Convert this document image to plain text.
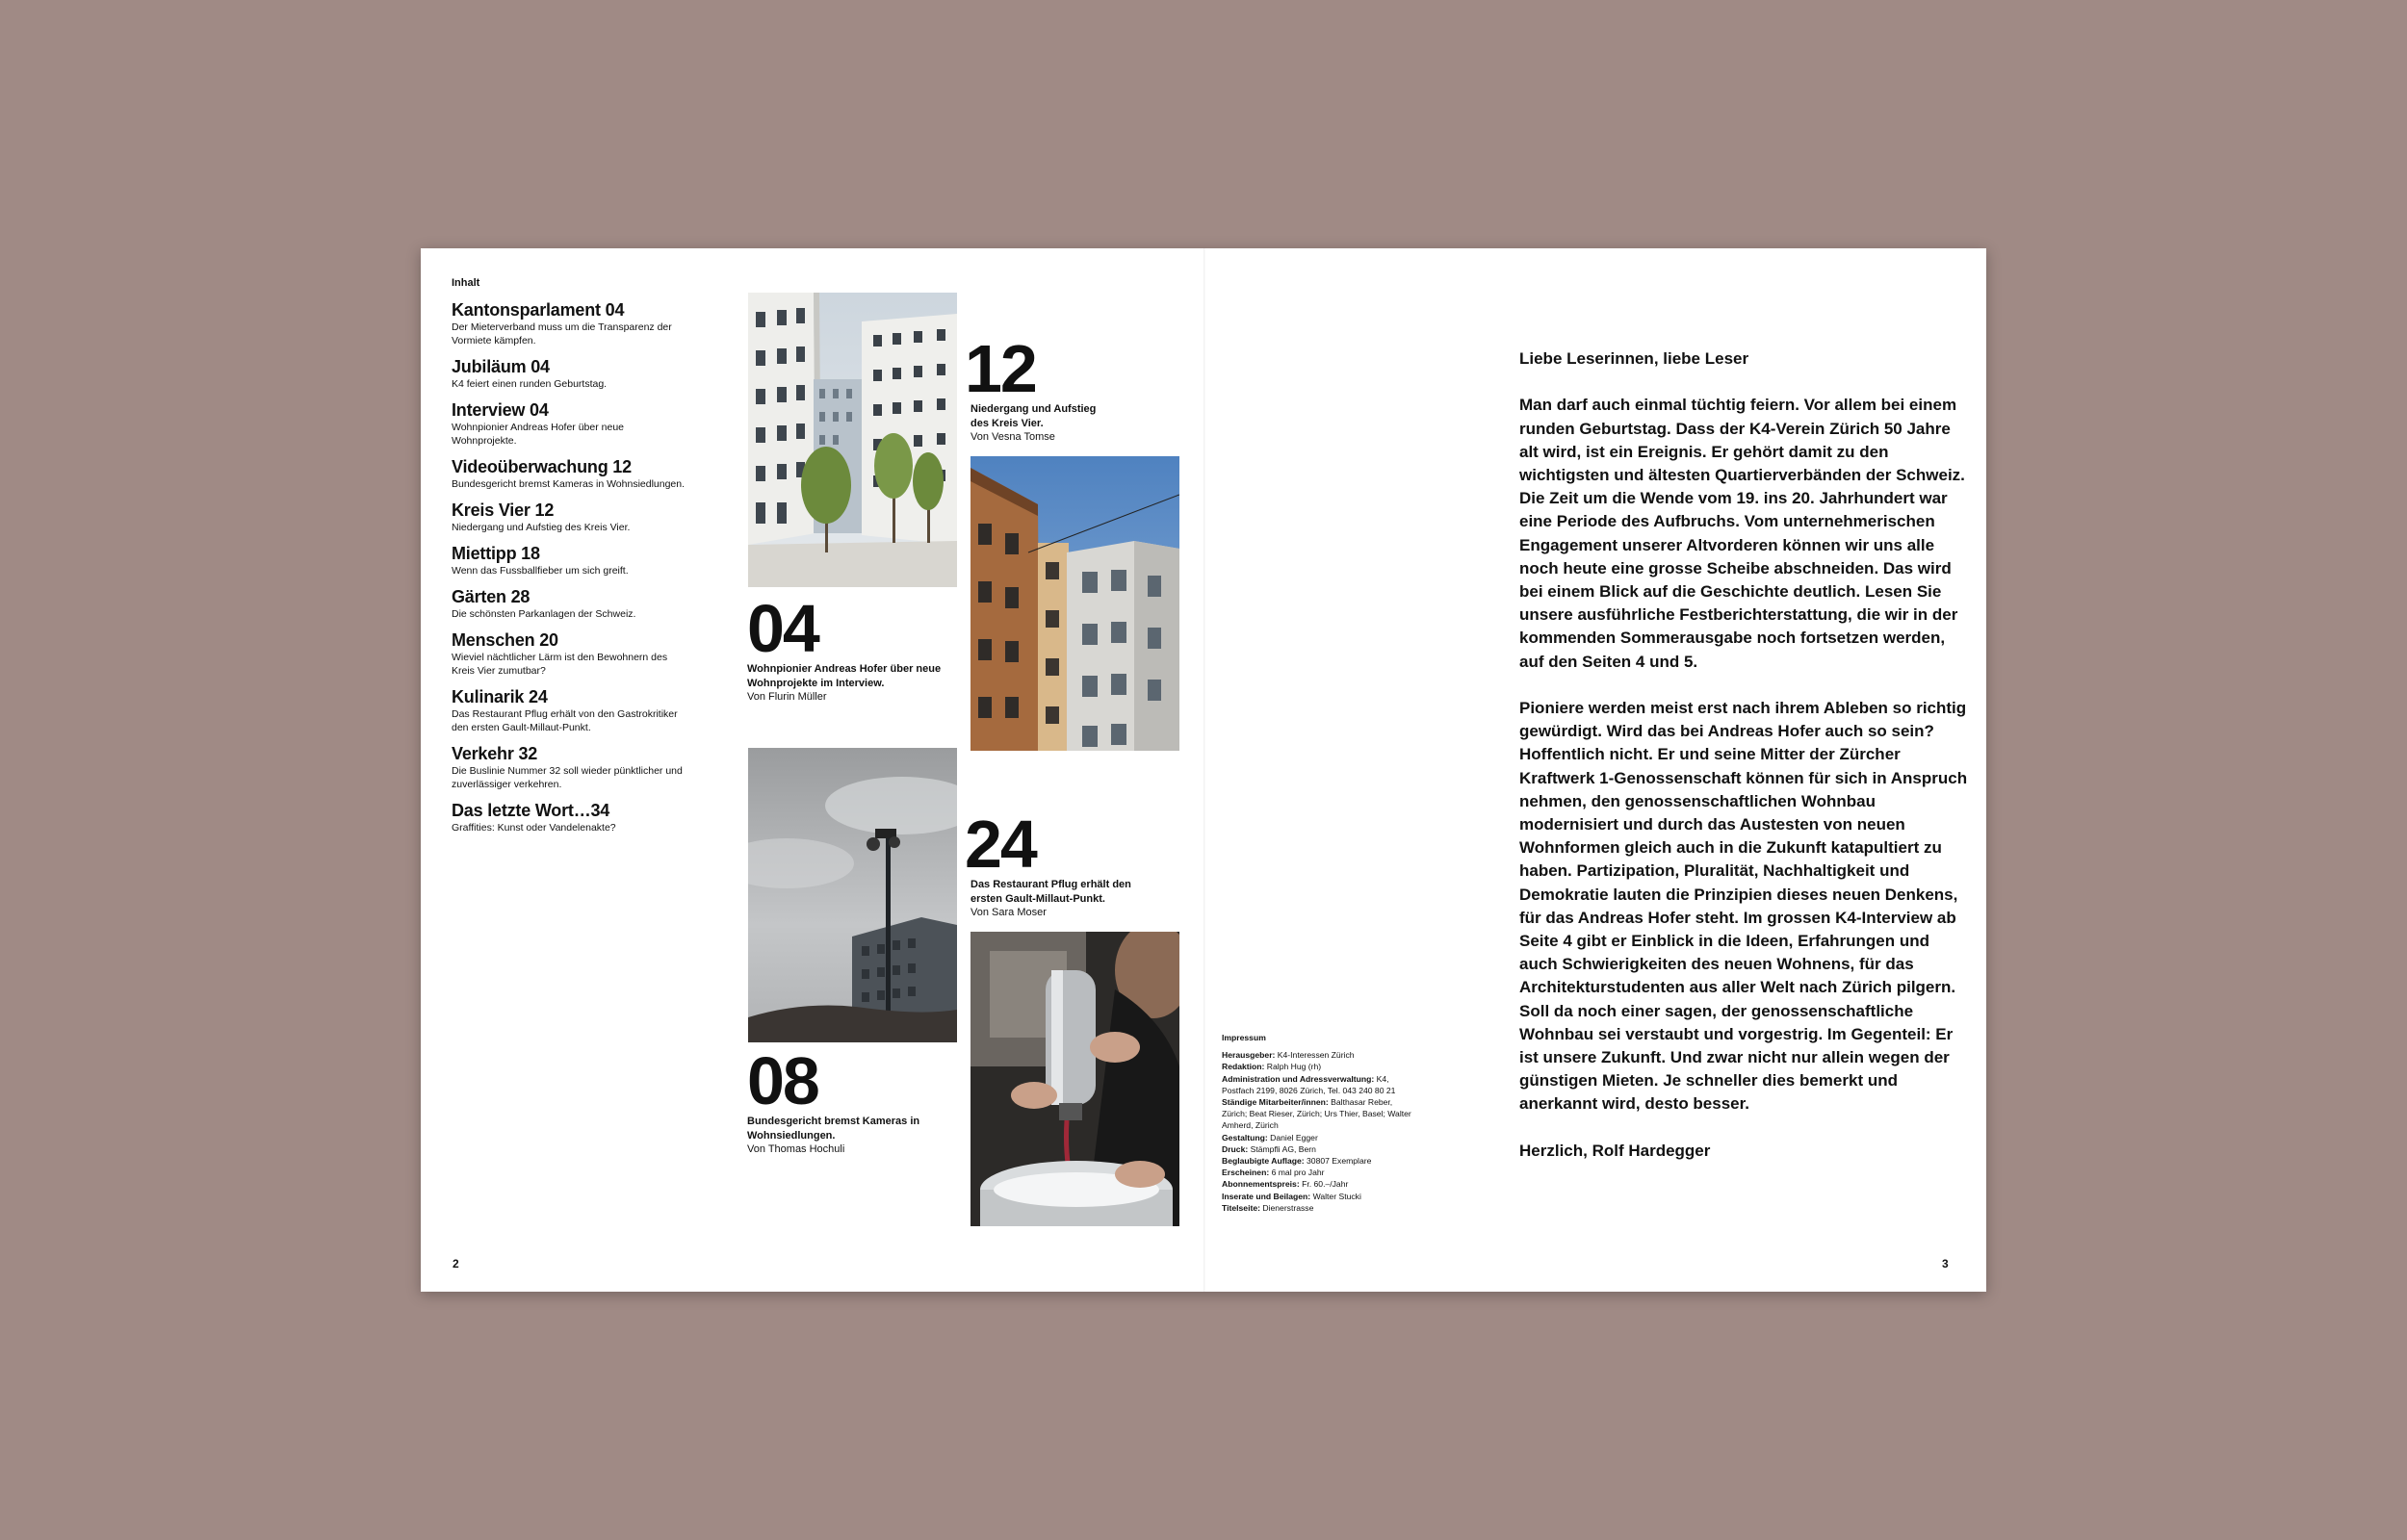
Inhalt
Kantonsparlament 04
Der Mieterverband muss um die Transparenz der Vormiete kämpfen.
Jubiläum 04
K4 feiert einen runden Geburtstag.
Interview 04
Wohnpionier Andreas Hofer über neue Wohnprojekte.
Videoüberwachung 12
Bundesgericht bremst Kameras in Wohnsiedlungen.
Kreis Vier 12
Niedergang und Aufstieg des Kreis Vier.
Miettipp 18
Wenn das Fussballfieber um sich greift.
Gärten 28
Die schönsten Parkanlagen der Schweiz.
Menschen 20
Wieviel nächtlicher Lärm ist den Bewohnern des Kreis Vier zumutbar?
Kulinarik 24
Das Restaurant Pflug erhält von den Gastrokritiker den ersten Gault-Millaut-Punkt.
Verkehr 32
Die Buslinie Nummer 32 soll wieder pünktlicher und zuverlässiger verkehren.
Das letzte Wort…34
Graffities: Kunst oder Vandelenakte?
12
Niedergang und Aufstieg des Kreis Vier.
Von Vesna Tomse
04
Wohnpionier Andreas Hofer über neue Wohnprojekte im Interview.
Von Flurin Müller
24
Das Restaurant Pflug erhält den ersten Gault-Millaut-Punkt.
Von Sara Moser
08
Bundesgericht bremst Kameras in Wohnsiedlungen.
Von Thomas Hochuli
2
Impressum
Herausgeber: K4-Interessen Zürich
Redaktion: Ralph Hug (rh)
Administration und Adressverwaltung: K4, Postfach 2199, 8026 Zürich, Tel. 043 240 80 21
Ständige Mitarbeiter/innen: Balthasar Reber, Zürich; Beat Rieser, Zürich; Urs Thier, Basel; Walter Amherd, Zürich
Gestaltung: Daniel Egger
Druck: Stämpfli AG, Bern
Beglaubigte Auflage: 30807 Exemplare
Erscheinen: 6 mal pro Jahr
Abonnementspreis: Fr. 60.–/Jahr
Inserate und Beilagen: Walter Stucki
Titelseite: Dienerstrasse

Liebe Leserinnen, liebe Leser

Man darf auch einmal tüchtig feiern. Vor allem bei einem runden Geburtstag. Dass der K4-Verein Zürich 50 Jahre alt wird, ist ein Ereignis. Er gehört damit zu den wichtigsten und ältesten Quartierverbänden der Schweiz. Die Zeit um die Wende vom 19. ins 20. Jahrhundert war eine Periode des Aufbruchs. Vom unternehmerischen Engagement unserer Altvorderen können wir uns alle noch heute eine grosse Scheibe abschneiden. Das wird bei einem Blick auf die Geschichte deutlich. Lesen Sie unsere ausführliche Festberichterstattung, die wir in der kommenden Sommerausgabe noch fortsetzen werden, auf den Seiten 4 und 5.

Pioniere werden meist erst nach ihrem Ableben so richtig gewürdigt. Wird das bei Andreas Hofer auch so sein? Hoffentlich nicht. Er und seine Mitter der Zürcher Kraftwerk 1-Genossenschaft können für sich in Anspruch nehmen, den genossenschaftlichen Wohnbau modernisiert und durch das Austesten von neuen Wohnformen gleich auch in die Zukunft katapultiert zu haben. Partizipation, Pluralität, Nachhaltigkeit und Demokratie lauten die Prinzipien dieses neuen Denkens, für das Andreas Hofer steht. Im grossen K4-Interview ab Seite 4 gibt er Einblick in die Ideen, Erfahrungen und auch Schwierigkeiten des neuen Wohnens, für das Architekturstudenten aus aller Welt nach Zürich pilgern. Soll da noch einer sagen, der genossenschaftliche Wohnbau sei verstaubt und vorgestrig. Im Gegenteil: Er ist unsere Zukunft. Und zwar nicht nur allein wegen der günstigen Mieten. Je schneller dies bemerkt und anerkannt wird, desto besser.

Herzlich, Rolf Hardegger

3
